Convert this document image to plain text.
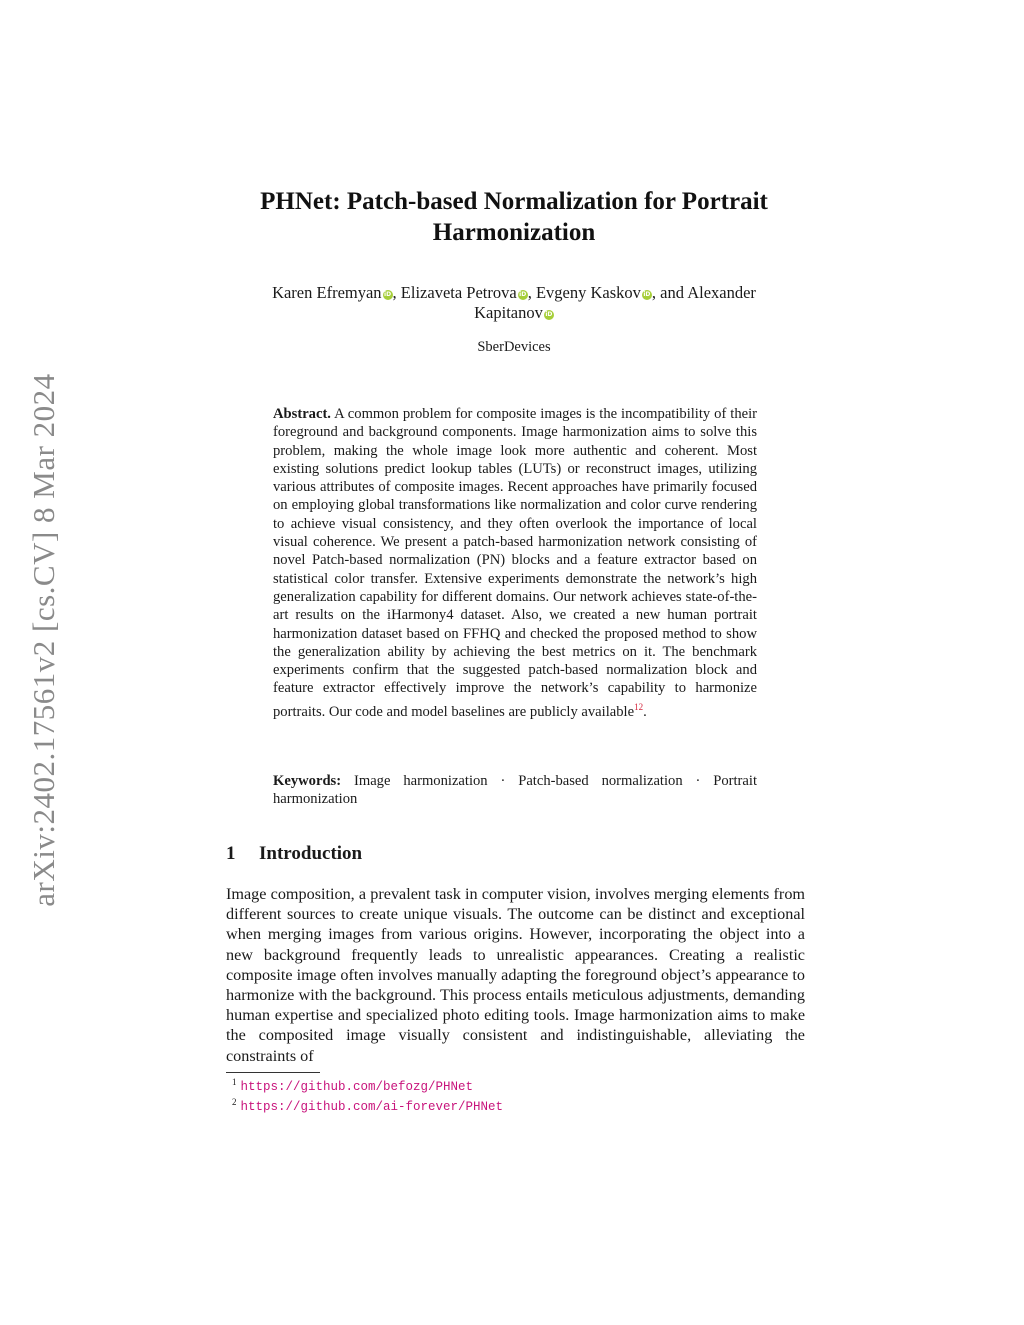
arXiv:2402.17561v2 [cs.CV] 8 Mar 2024
PHNet: Patch-based Normalization for Portrait
Harmonization
Karen Efremyan iD, Elizaveta Petrova iD, Evgeny Kaskov iD, and Alexander
Kapitanov iD
SberDevices
Abstract. A common problem for composite images is the incompatibility of their foreground and background components. Image harmonization aims to solve this problem, making the whole image look more authentic and coherent. Most existing solutions predict lookup tables (LUTs) or reconstruct images, utilizing various attributes of composite images. Recent approaches have primarily focused on employing global transformations like normalization and color curve rendering to achieve visual consistency, and they often overlook the importance of local visual coherence. We present a patch-based harmonization network consisting of novel Patch-based normalization (PN) blocks and a feature extractor based on statistical color transfer. Extensive experiments demonstrate the network’s high generalization capability for different domains. Our network achieves state-of-the-art results on the iHarmony4 dataset. Also, we created a new human portrait harmonization dataset based on FFHQ and checked the proposed method to show the generalization ability by achieving the best metrics on it. The benchmark experiments confirm that the suggested patch-based normalization block and feature extractor effectively improve the network’s capability to harmonize portraits. Our code and model baselines are publicly available$^{12}$.
Keywords: Image harmonization · Patch-based normalization · Portrait harmonization
1 Introduction
Image composition, a prevalent task in computer vision, involves merging elements from different sources to create unique visuals. The outcome can be distinct and exceptional when merging images from various origins. However, incorporating the object into a new background frequently leads to unrealistic appearances. Creating a realistic composite image often involves manually adapting the foreground object’s appearance to harmonize with the background. This process entails meticulous adjustments, demanding human expertise and specialized photo editing tools. Image harmonization aims to make the composited image visually consistent and indistinguishable, alleviating the constraints of
$^1$ https://github.com/befozg/PHNet
$^2$ https://github.com/ai-forever/PHNet
